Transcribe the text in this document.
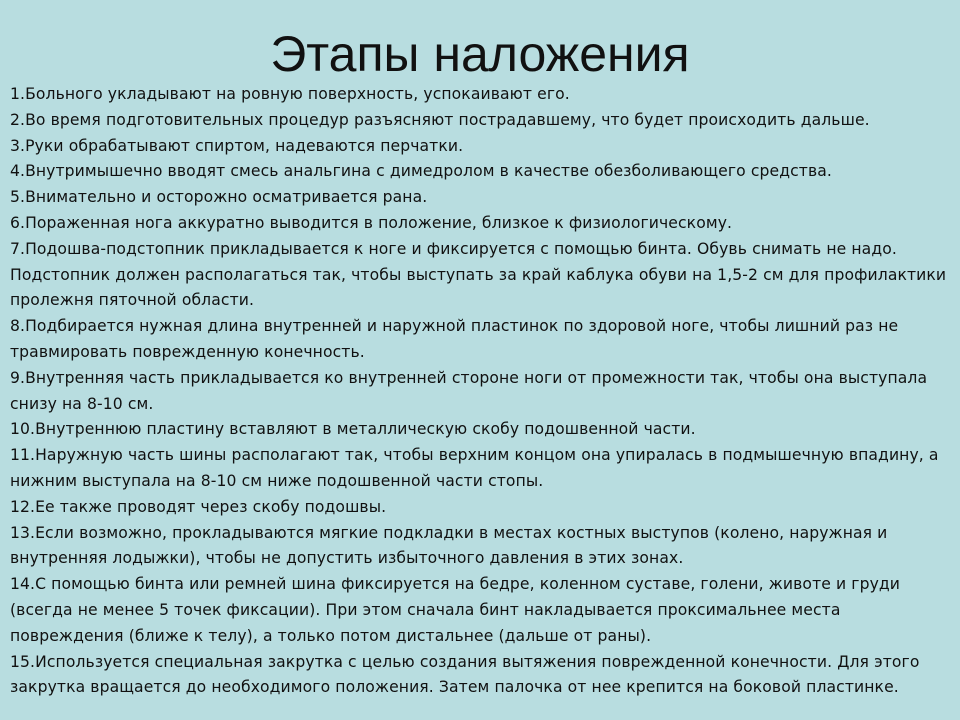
Этапы наложения
1.Больного укладывают на ровную поверхность, успокаивают его.
2.Во время подготовительных процедур разъясняют пострадавшему, что будет происходить дальше.
3.Руки обрабатывают спиртом, надеваются перчатки.
4.Внутримышечно вводят смесь анальгина с димедролом в качестве обезболивающего средства.
5.Внимательно и осторожно осматривается рана.
6.Пораженная нога аккуратно выводится в положение, близкое к физиологическому.
7.Подошва-подстопник прикладывается к ноге и фиксируется с помощью бинта. Обувь снимать не надо. Подстопник должен располагаться так, чтобы выступать за край каблука обуви на 1,5-2 см для профилактики пролежня пяточной области.
8.Подбирается нужная длина внутренней и наружной пластинок по здоровой ноге, чтобы лишний раз не травмировать поврежденную конечность.
9.Внутренняя часть прикладывается ко внутренней стороне ноги от промежности так, чтобы она выступала снизу на 8-10 см.
10.Внутреннюю пластину вставляют в металлическую скобу подошвенной части.
11.Наружную часть шины располагают так, чтобы верхним концом она упиралась в подмышечную впадину, а нижним выступала на 8-10 см ниже подошвенной части стопы.
12.Ее также проводят через скобу подошвы.
13.Если возможно, прокладываются мягкие подкладки в местах костных выступов (колено, наружная и внутренняя лодыжки), чтобы не допустить избыточного давления в этих зонах.
14.С помощью бинта или ремней шина фиксируется на бедре, коленном суставе, голени, животе и груди (всегда не менее 5 точек фиксации). При этом сначала бинт накладывается проксимальнее места повреждения (ближе к телу), а только потом дистальнее (дальше от раны).
15.Используется специальная закрутка с целью создания вытяжения поврежденной конечности. Для этого закрутка вращается до необходимого положения. Затем палочка от нее крепится на боковой пластинке.
